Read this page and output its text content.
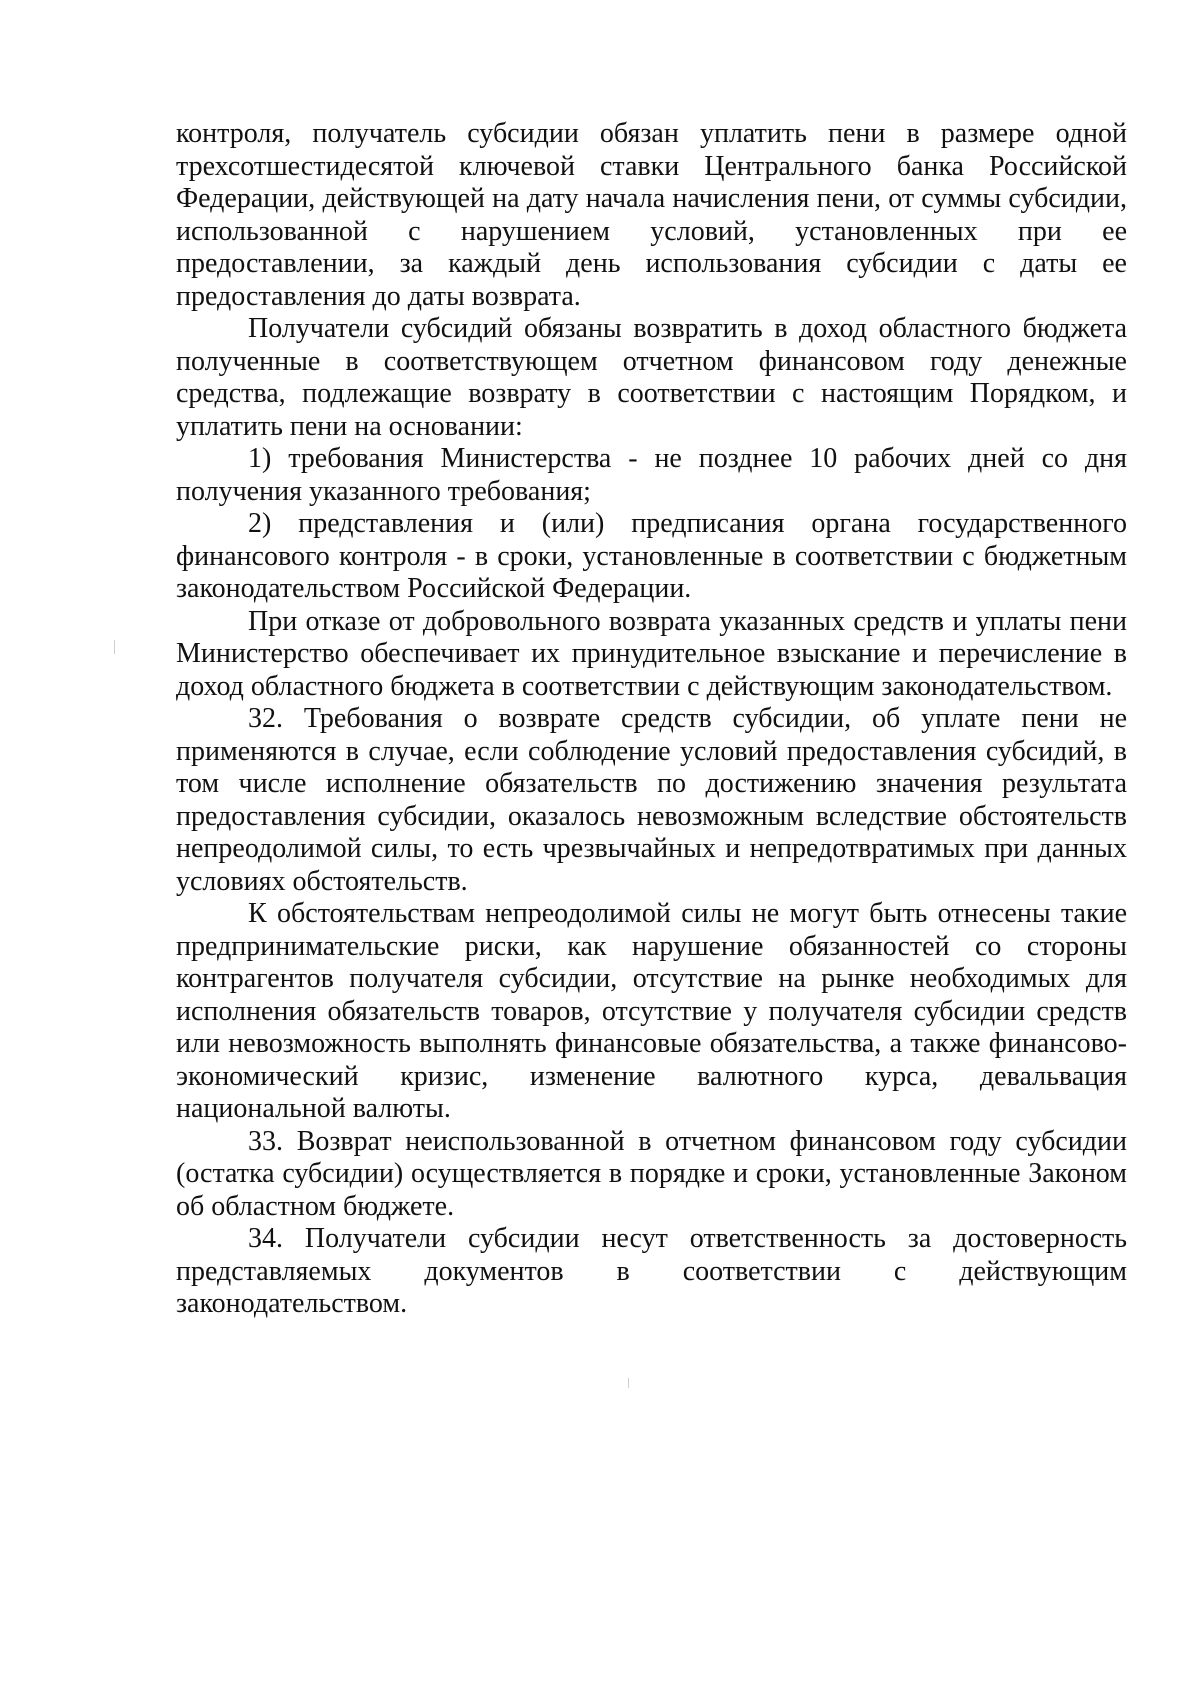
контроля, получатель субсидии обязан уплатить пени в размере одной трехсотшестидесятой ключевой ставки Центрального банка Российской Федерации, действующей на дату начала начисления пени, от суммы субсидии, использованной с нарушением условий, установленных при ее предоставлении, за каждый день использования субсидии с даты ее предоставления до даты возврата.

Получатели субсидий обязаны возвратить в доход областного бюджета полученные в соответствующем отчетном финансовом году денежные средства, подлежащие возврату в соответствии с настоящим Порядком, и уплатить пени на основании:

1) требования Министерства - не позднее 10 рабочих дней со дня получения указанного требования;

2) представления и (или) предписания органа государственного финансового контроля - в сроки, установленные в соответствии с бюджетным законодательством Российской Федерации.

При отказе от добровольного возврата указанных средств и уплаты пени Министерство обеспечивает их принудительное взыскание и перечисление в доход областного бюджета в соответствии с действующим законодательством.

32. Требования о возврате средств субсидии, об уплате пени не применяются в случае, если соблюдение условий предоставления субсидий, в том числе исполнение обязательств по достижению значения результата предоставления субсидии, оказалось невозможным вследствие обстоятельств непреодолимой силы, то есть чрезвычайных и непредотвратимых при данных условиях обстоятельств.

К обстоятельствам непреодолимой силы не могут быть отнесены такие предпринимательские риски, как нарушение обязанностей со стороны контрагентов получателя субсидии, отсутствие на рынке необходимых для исполнения обязательств товаров, отсутствие у получателя субсидии средств или невозможность выполнять финансовые обязательства, а также финансово-экономический кризис, изменение валютного курса, девальвация национальной валюты.

33. Возврат неиспользованной в отчетном финансовом году субсидии (остатка субсидии) осуществляется в порядке и сроки, установленные Законом об областном бюджете.

34. Получатели субсидии несут ответственность за достоверность представляемых документов в соответствии с действующим законодательством.
